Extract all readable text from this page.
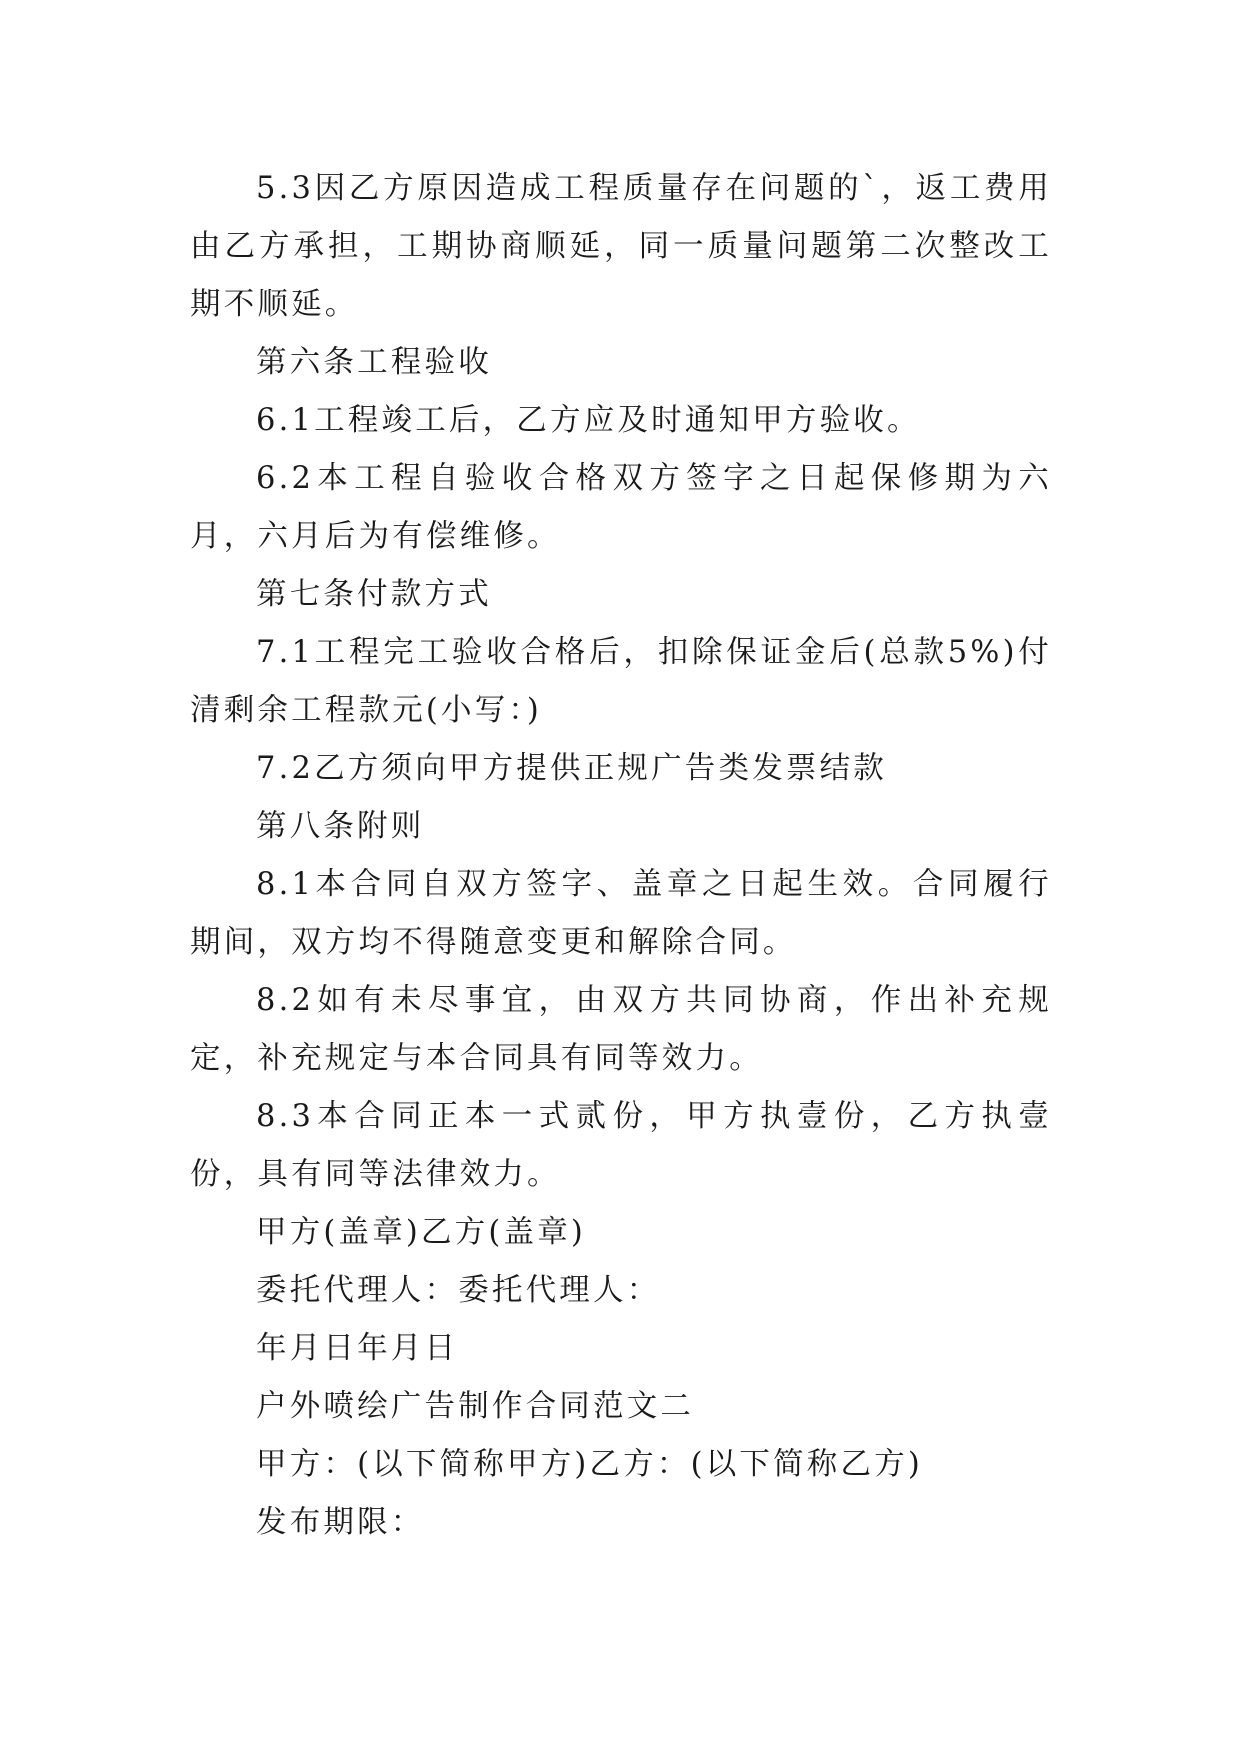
5.3因乙方原因造成工程质量存在问题的`，返工费用由乙方承担，工期协商顺延，同一质量问题第二次整改工期不顺延。

第六条工程验收

6.1工程竣工后，乙方应及时通知甲方验收。

6.2本工程自验收合格双方签字之日起保修期为六月，六月后为有偿维修。

第七条付款方式

7.1工程完工验收合格后，扣除保证金后(总款5%)付清剩余工程款元(小写：)

7.2乙方须向甲方提供正规广告类发票结款

第八条附则

8.1本合同自双方签字、盖章之日起生效。合同履行期间，双方均不得随意变更和解除合同。

8.2如有未尽事宜，由双方共同协商，作出补充规定，补充规定与本合同具有同等效力。

8.3本合同正本一式贰份，甲方执壹份，乙方执壹份，具有同等法律效力。

甲方(盖章)乙方(盖章)

委托代理人：委托代理人：

年月日年月日

户外喷绘广告制作合同范文二

甲方：(以下简称甲方)乙方：(以下简称乙方)

发布期限：
